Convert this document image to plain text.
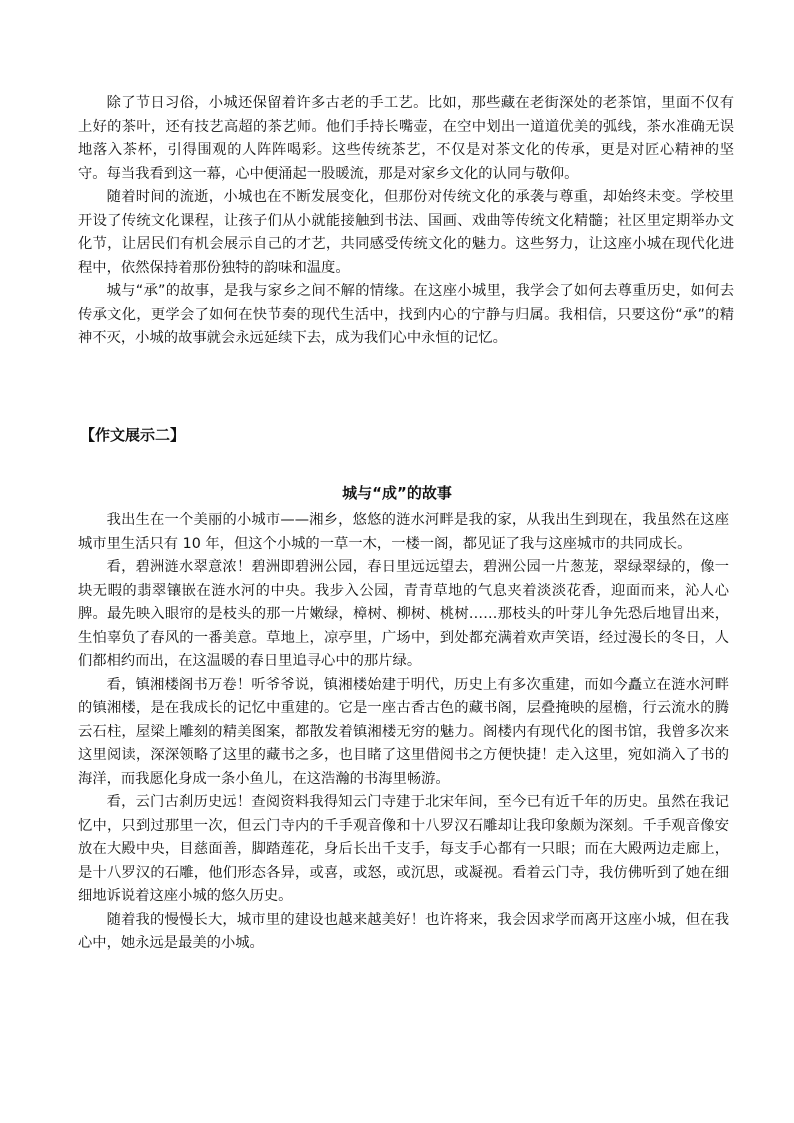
除了节日习俗，小城还保留着许多古老的手工艺。比如，那些藏在老街深处的老茶馆，里面不仅有上好的茶叶，还有技艺高超的茶艺师。他们手持长嘴壶，在空中划出一道道优美的弧线，茶水准确无误地落入茶杯，引得围观的人阵阵喝彩。这些传统茶艺，不仅是对茶文化的传承，更是对匠心精神的坚守。每当我看到这一幕，心中便涌起一股暖流，那是对家乡文化的认同与敬仰。

随着时间的流逝，小城也在不断发展变化，但那份对传统文化的承袭与尊重，却始终未变。学校里开设了传统文化课程，让孩子们从小就能接触到书法、国画、戏曲等传统文化精髓；社区里定期举办文化节，让居民们有机会展示自己的才艺，共同感受传统文化的魅力。这些努力，让这座小城在现代化进程中，依然保持着那份独特的韵味和温度。

城与“承”的故事，是我与家乡之间不解的情缘。在这座小城里，我学会了如何去尊重历史，如何去传承文化，更学会了如何在快节奏的现代生活中，找到内心的宁静与归属。我相信，只要这份“承”的精神不灭，小城的故事就会永远延续下去，成为我们心中永恒的记忆。

【作文展示二】
城与“成”的故事

我出生在一个美丽的小城市——湘乡，悠悠的涟水河畔是我的家，从我出生到现在，我虽然在这座城市里生活只有 10 年，但这个小城的一草一木，一楼一阁，都见证了我与这座城市的共同成长。

看，碧洲涟水翠意浓！碧洲即碧洲公园，春日里远远望去，碧洲公园一片葱茏，翠绿翠绿的，像一块无暇的翡翠镶嵌在涟水河的中央。我步入公园，青青草地的气息夹着淡淡花香，迎面而来，沁人心脾。最先映入眼帘的是枝头的那一片嫩绿，樟树、柳树、桃树……那枝头的叶芽儿争先恐后地冒出来，生怕辜负了春风的一番美意。草地上，凉亭里，广场中，到处都充满着欢声笑语，经过漫长的冬日，人们都相约而出，在这温暖的春日里追寻心中的那片绿。

看，镇湘楼阁书万卷！听爷爷说，镇湘楼始建于明代，历史上有多次重建，而如今矗立在涟水河畔的镇湘楼，是在我成长的记忆中重建的。它是一座古香古色的藏书阁，层叠掩映的屋檐，行云流水的腾云石柱，屋梁上雕刻的精美图案，都散发着镇湘楼无穷的魅力。阁楼内有现代化的图书馆，我曾多次来这里阅读，深深领略了这里的藏书之多，也目睹了这里借阅书之方便快捷！走入这里，宛如淌入了书的海洋，而我愿化身成一条小鱼儿，在这浩瀚的书海里畅游。

看，云门古刹历史远！查阅资料我得知云门寺建于北宋年间，至今已有近千年的历史。虽然在我记忆中，只到过那里一次，但云门寺内的千手观音像和十八罗汉石雕却让我印象颇为深刻。千手观音像安放在大殿中央，目慈面善，脚踏莲花，身后长出千支手，每支手心都有一只眼；而在大殿两边走廊上，是十八罗汉的石雕，他们形态各异，或喜，或怒，或沉思，或凝视。看着云门寺，我仿佛听到了她在细细地诉说着这座小城的悠久历史。

随着我的慢慢长大，城市里的建设也越来越美好！也许将来，我会因求学而离开这座小城，但在我心中，她永远是最美的小城。
